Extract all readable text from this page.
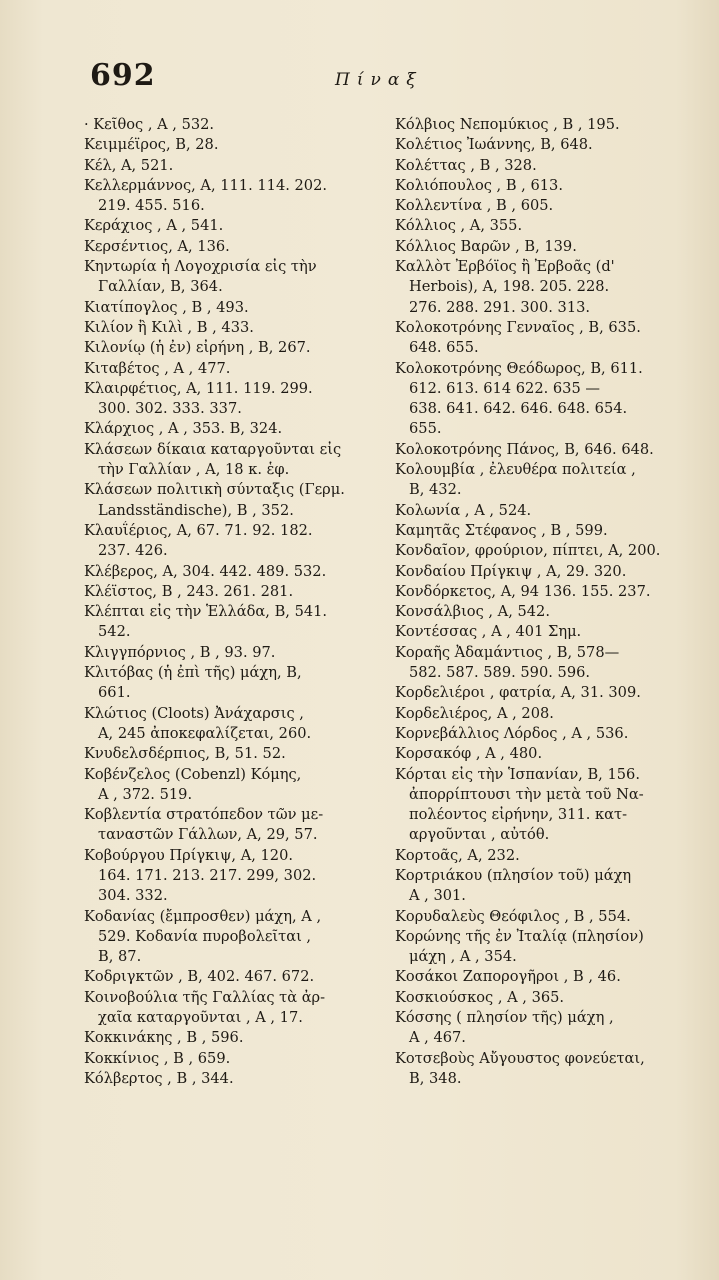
692	Πίναξ
· Κεῖθος , Α , 532.
Κειμμέϊρος, Β, 28.
Κέλ, Α, 521.
Κελλερμάννος, Α, 111. 114. 202.
219. 455. 516.
Κεράχιος , Α , 541.
Κερσέντιος, Α, 136.
Κηντωρία ἡ Λογοχρισία εἰς τὴν
Γαλλίαν, Β, 364.
Κιατίπογλος , Β , 493.
Κιλίον ἢ Κιλὶ , Β , 433.
Κιλονίῳ (ἡ ἐν) εἰρήνη , Β, 267.
Κιταβέτος , Α , 477.
Κλαιρφέτιος, Α, 111. 119. 299.
300. 302. 333. 337.
Κλάρχιος , Α , 353. Β, 324.
Κλάσεων δίκαια καταργοῦνται εἰς
τὴν Γαλλίαν , Α, 18 κ. ἑφ.
Κλάσεων πολιτικὴ σύνταξις (Γερμ.
Landsständische), Β , 352.
Κλαυΐέριος, Α, 67. 71. 92. 182.
237. 426.
Κλέβερος, Α, 304. 442. 489. 532.
Κλέϊστος, Β , 243. 261. 281.
Κλέπται εἰς τὴν Ἑλλάδα, Β, 541.
542.
Κλιγγπόρνιος , Β , 93. 97.
Κλιτόβας (ἡ ἐπὶ τῆς) μάχη, Β,
661.
Κλώτιος (Cloots) Ἀνάχαρσις ,
Α, 245 ἀποκεφαλίζεται, 260.
Κνυδελσδέρπιος, Β, 51. 52.
Κοβένζελος (Cobenzl) Κόμης,
Α , 372. 519.
Κοβλεντία στρατόπεδον τῶν με-
ταναστῶν Γάλλων, Α, 29, 57.
Κοβούργου Πρίγκιψ, Α, 120.
164. 171. 213. 217. 299, 302.
304. 332.
Κοδανίας (ἔμπροσθεν) μάχη, Α ,
529. Κοδανία πυροβολεῖται ,
Β, 87.
Κοδριγκτῶν , Β, 402. 467. 672.
Κοινοβούλια τῆς Γαλλίας τὰ ἀρ-
χαῖα καταργοῦνται , Α , 17.
Κοκκινάκης , Β , 596.
Κοκκίνιος , Β , 659.
Κόλβερτος , Β , 344.
Κόλβιος Νεπομύκιος , Β , 195.
Κολέτιος Ἰωάννης, Β, 648.
Κολέττας , Β , 328.
Κολιόπουλος , Β , 613.
Κολλεντίνα , Β , 605.
Κόλλιος , Α, 355.
Κόλλιος Βαρῶν , Β, 139.
Καλλὸτ Ἐρβόϊος ἢ Ἐρβοᾶς (d'
Herbois), Α, 198. 205. 228.
276. 288. 291. 300. 313.
Κολοκοτρόνης Γενναῖος , Β, 635.
648. 655.
Κολοκοτρόνης Θεόδωρος, Β, 611.
612. 613. 614 622. 635 —
638. 641. 642. 646. 648. 654.
655.
Κολοκοτρόνης Πάνος, Β, 646. 648.
Κολουμβία , ἐλευθέρα πολιτεία ,
Β, 432.
Κολωνία , Α , 524.
Καμητᾶς Στέφανος , Β , 599.
Κονδαῖον, φρούριον, πίπτει, Α, 200.
Κονδαίου Πρίγκιψ , Α, 29. 320.
Κονδόρκετος, Α, 94 136. 155. 237.
Κονσάλβιος , Α, 542.
Κοντέσσας , Α , 401 Σημ.
Κοραῆς Ἀδαμάντιος , Β, 578—
582. 587. 589. 590. 596.
Κορδελιέροι , φατρία, Α, 31. 309.
Κορδελιέρος, Α , 208.
Κορνεβάλλιος Λόρδος , Α , 536.
Κορσακόφ , Α , 480.
Κόρται εἰς τὴν Ἱσπανίαν, Β, 156.
ἀπορρίπτουσι τὴν μετὰ τοῦ Να-
πολέοντος εἰρήνην, 311. κατ-
αργοῦνται , αὐτόθ.
Κορτοᾶς, Α, 232.
Κορτριάκου (πλησίον τοῦ) μάχη
Α , 301.
Κορυδαλεὺς Θεόφιλος , Β , 554.
Κορώνης τῆς ἐν Ἰταλίᾳ (πλησίον)
μάχη , Α , 354.
Κοσάκοι Ζαπορογῆροι , Β , 46.
Κοσκιούσκος , Α , 365.
Κόσσης ( πλησίον τῆς) μάχη ,
Α , 467.
Κοτσεβοὺς Αὔγουστος φονεύεται,
Β, 348.
